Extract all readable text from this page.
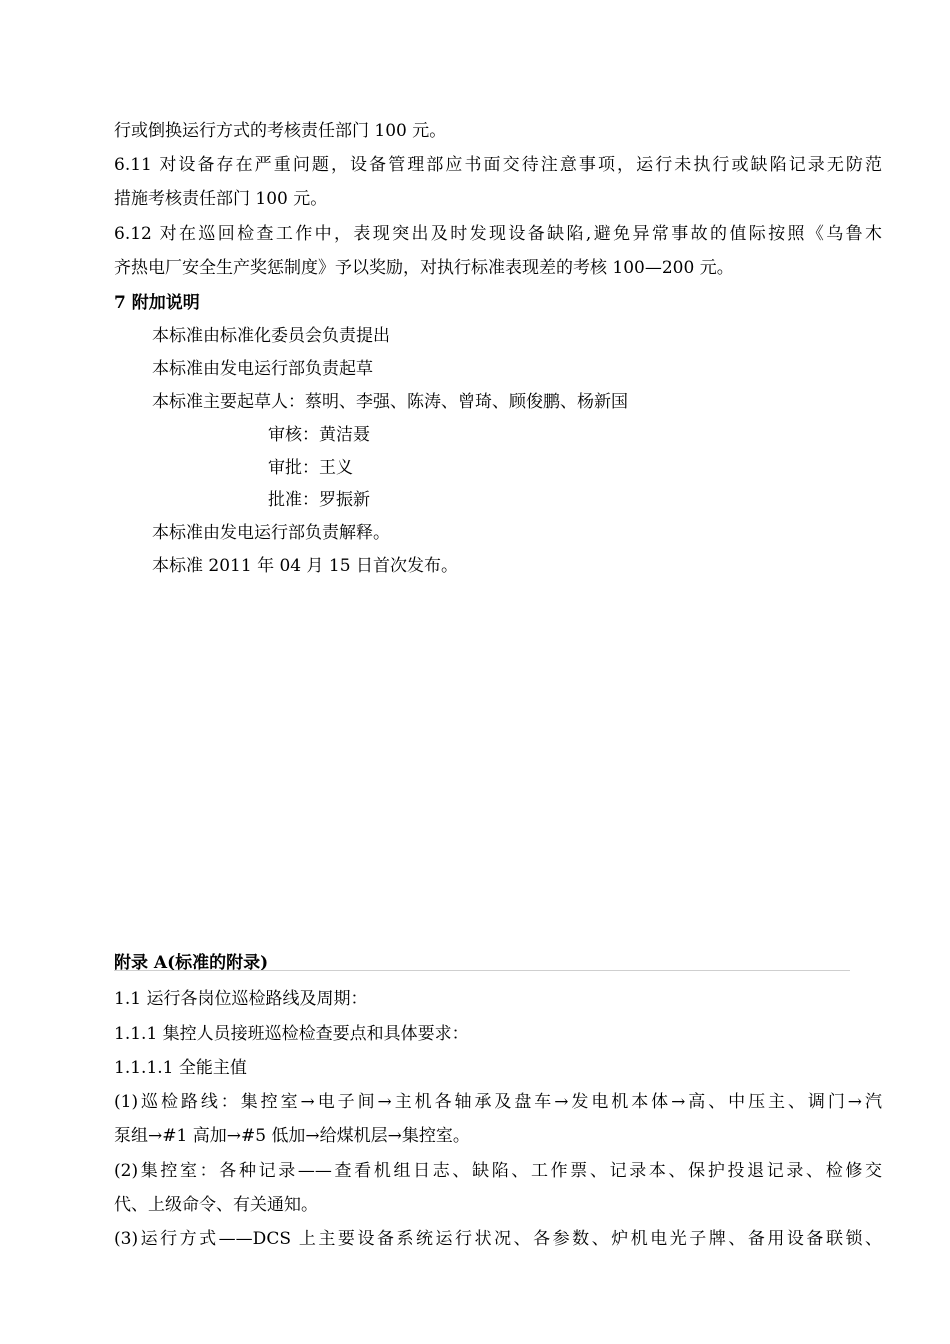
行或倒换运行方式的考核责任部门 100 元。
6.11 对设备存在严重问题，设备管理部应书面交待注意事项，运行未执行或缺陷记录无防范
措施考核责任部门 100 元。
6.12 对在巡回检查工作中，表现突出及时发现设备缺陷,避免异常事故的值际按照《乌鲁木
齐热电厂安全生产奖惩制度》予以奖励，对执行标准表现差的考核 100—200 元。
7 附加说明
本标准由标准化委员会负责提出
本标准由发电运行部负责起草
本标准主要起草人：蔡明、李强、陈涛、曾琦、顾俊鹏、杨新国
审核：黄洁聂
审批：王义
批准：罗振新
本标准由发电运行部负责解释。
本标准 2011 年 04 月 15 日首次发布。
附录 A(标准的附录)
1.1 运行各岗位巡检路线及周期：
1.1.1 集控人员接班巡检检查要点和具体要求：
1.1.1.1 全能主值
(1)巡检路线：集控室→电子间→主机各轴承及盘车→发电机本体→高、中压主、调门→汽
泵组→#1 高加→#5 低加→给煤机层→集控室。
(2)集控室：各种记录——查看机组日志、缺陷、工作票、记录本、保护投退记录、检修交
代、上级命令、有关通知。
(3)运行方式——DCS 上主要设备系统运行状况、各参数、炉机电光子牌、备用设备联锁、
